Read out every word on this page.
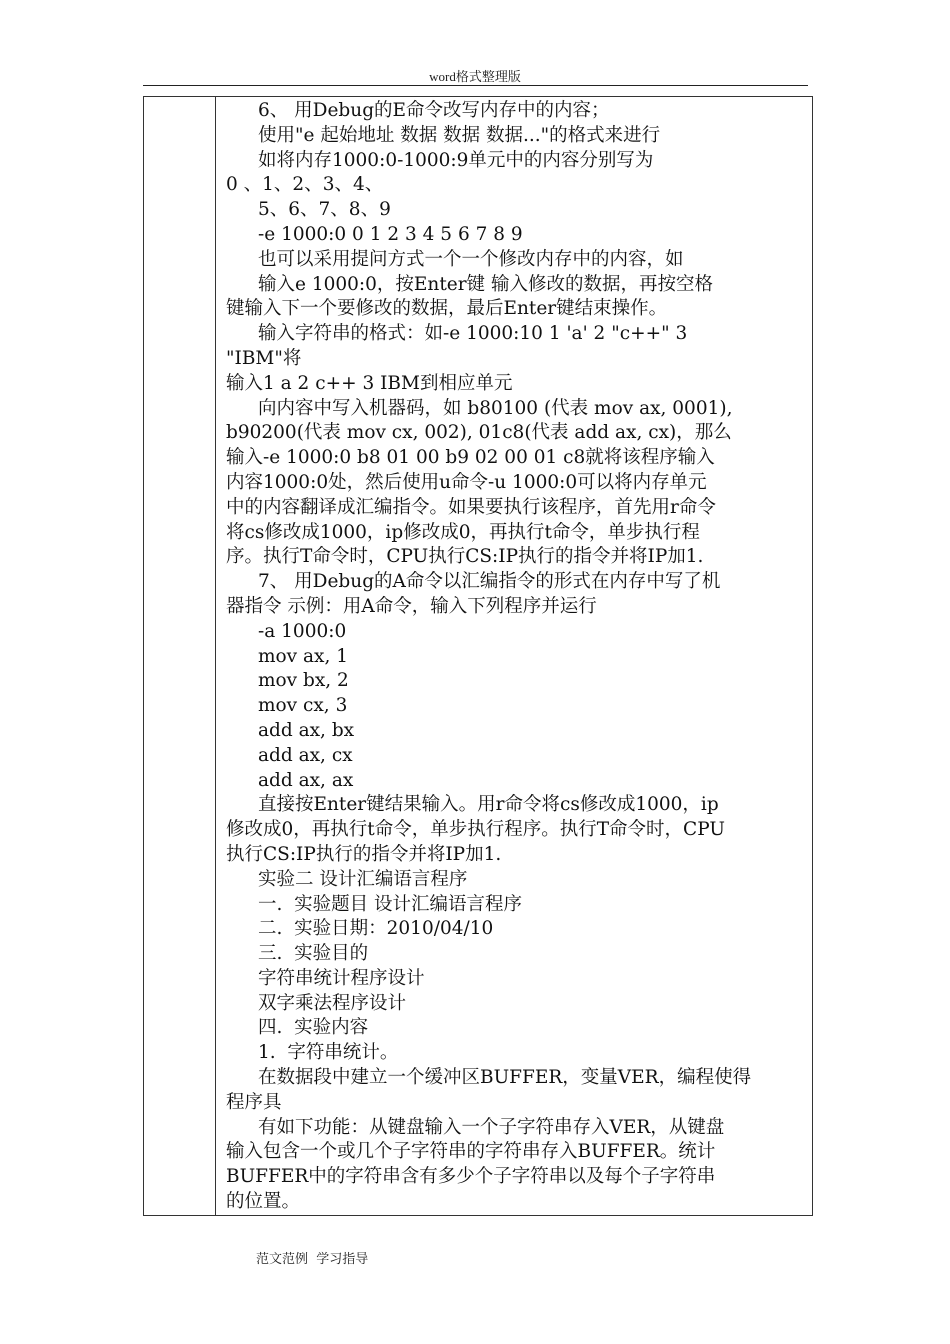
word格式整理版
6、 用Debug的E命令改写内存中的内容；
使用"e 起始地址 数据 数据 数据..."的格式来进行
如将内存1000:0-1000:9单元中的内容分别写为
0 、1、2、3、4、
5、6、7、8、9
-e 1000:0 0 1 2 3 4 5 6 7 8 9
也可以采用提问方式一个一个修改内存中的内容，如
输入e 1000:0，按Enter键 输入修改的数据，再按空格
键输入下一个要修改的数据，最后Enter键结束操作。
输入字符串的格式：如-e 1000:10 1 'a' 2 "c++" 3
"IBM"将
输入1 a 2 c++ 3 IBM到相应单元
向内容中写入机器码，如 b80100 (代表 mov ax, 0001),
b90200(代表 mov cx, 002), 01c8(代表 add ax, cx)，那么
输入-e 1000:0 b8 01 00 b9 02 00 01 c8就将该程序输入
内容1000:0处，然后使用u命令-u 1000:0可以将内存单元
中的内容翻译成汇编指令。如果要执行该程序，首先用r命令
将cs修改成1000，ip修改成0，再执行t命令，单步执行程
序。执行T命令时，CPU执行CS:IP执行的指令并将IP加1.
7、 用Debug的A命令以汇编指令的形式在内存中写了机
器指令 示例：用A命令，输入下列程序并运行
-a 1000:0
mov ax, 1
mov bx, 2
mov cx, 3
add ax, bx
add ax, cx
add ax, ax
直接按Enter键结果输入。用r命令将cs修改成1000，ip
修改成0，再执行t命令，单步执行程序。执行T命令时，CPU
执行CS:IP执行的指令并将IP加1.
实验二 设计汇编语言程序
一.  实验题目 设计汇编语言程序
二.  实验日期：2010/04/10
三.  实验目的
字符串统计程序设计
双字乘法程序设计
四.  实验内容
1.  字符串统计。
在数据段中建立一个缓冲区BUFFER，变量VER，编程使得
程序具
有如下功能：从键盘输入一个子字符串存入VER，从键盘
输入包含一个或几个子字符串的字符串存入BUFFER。统计
BUFFER中的字符串含有多少个子字符串以及每个子字符串
的位置。
范文范例  学习指导
